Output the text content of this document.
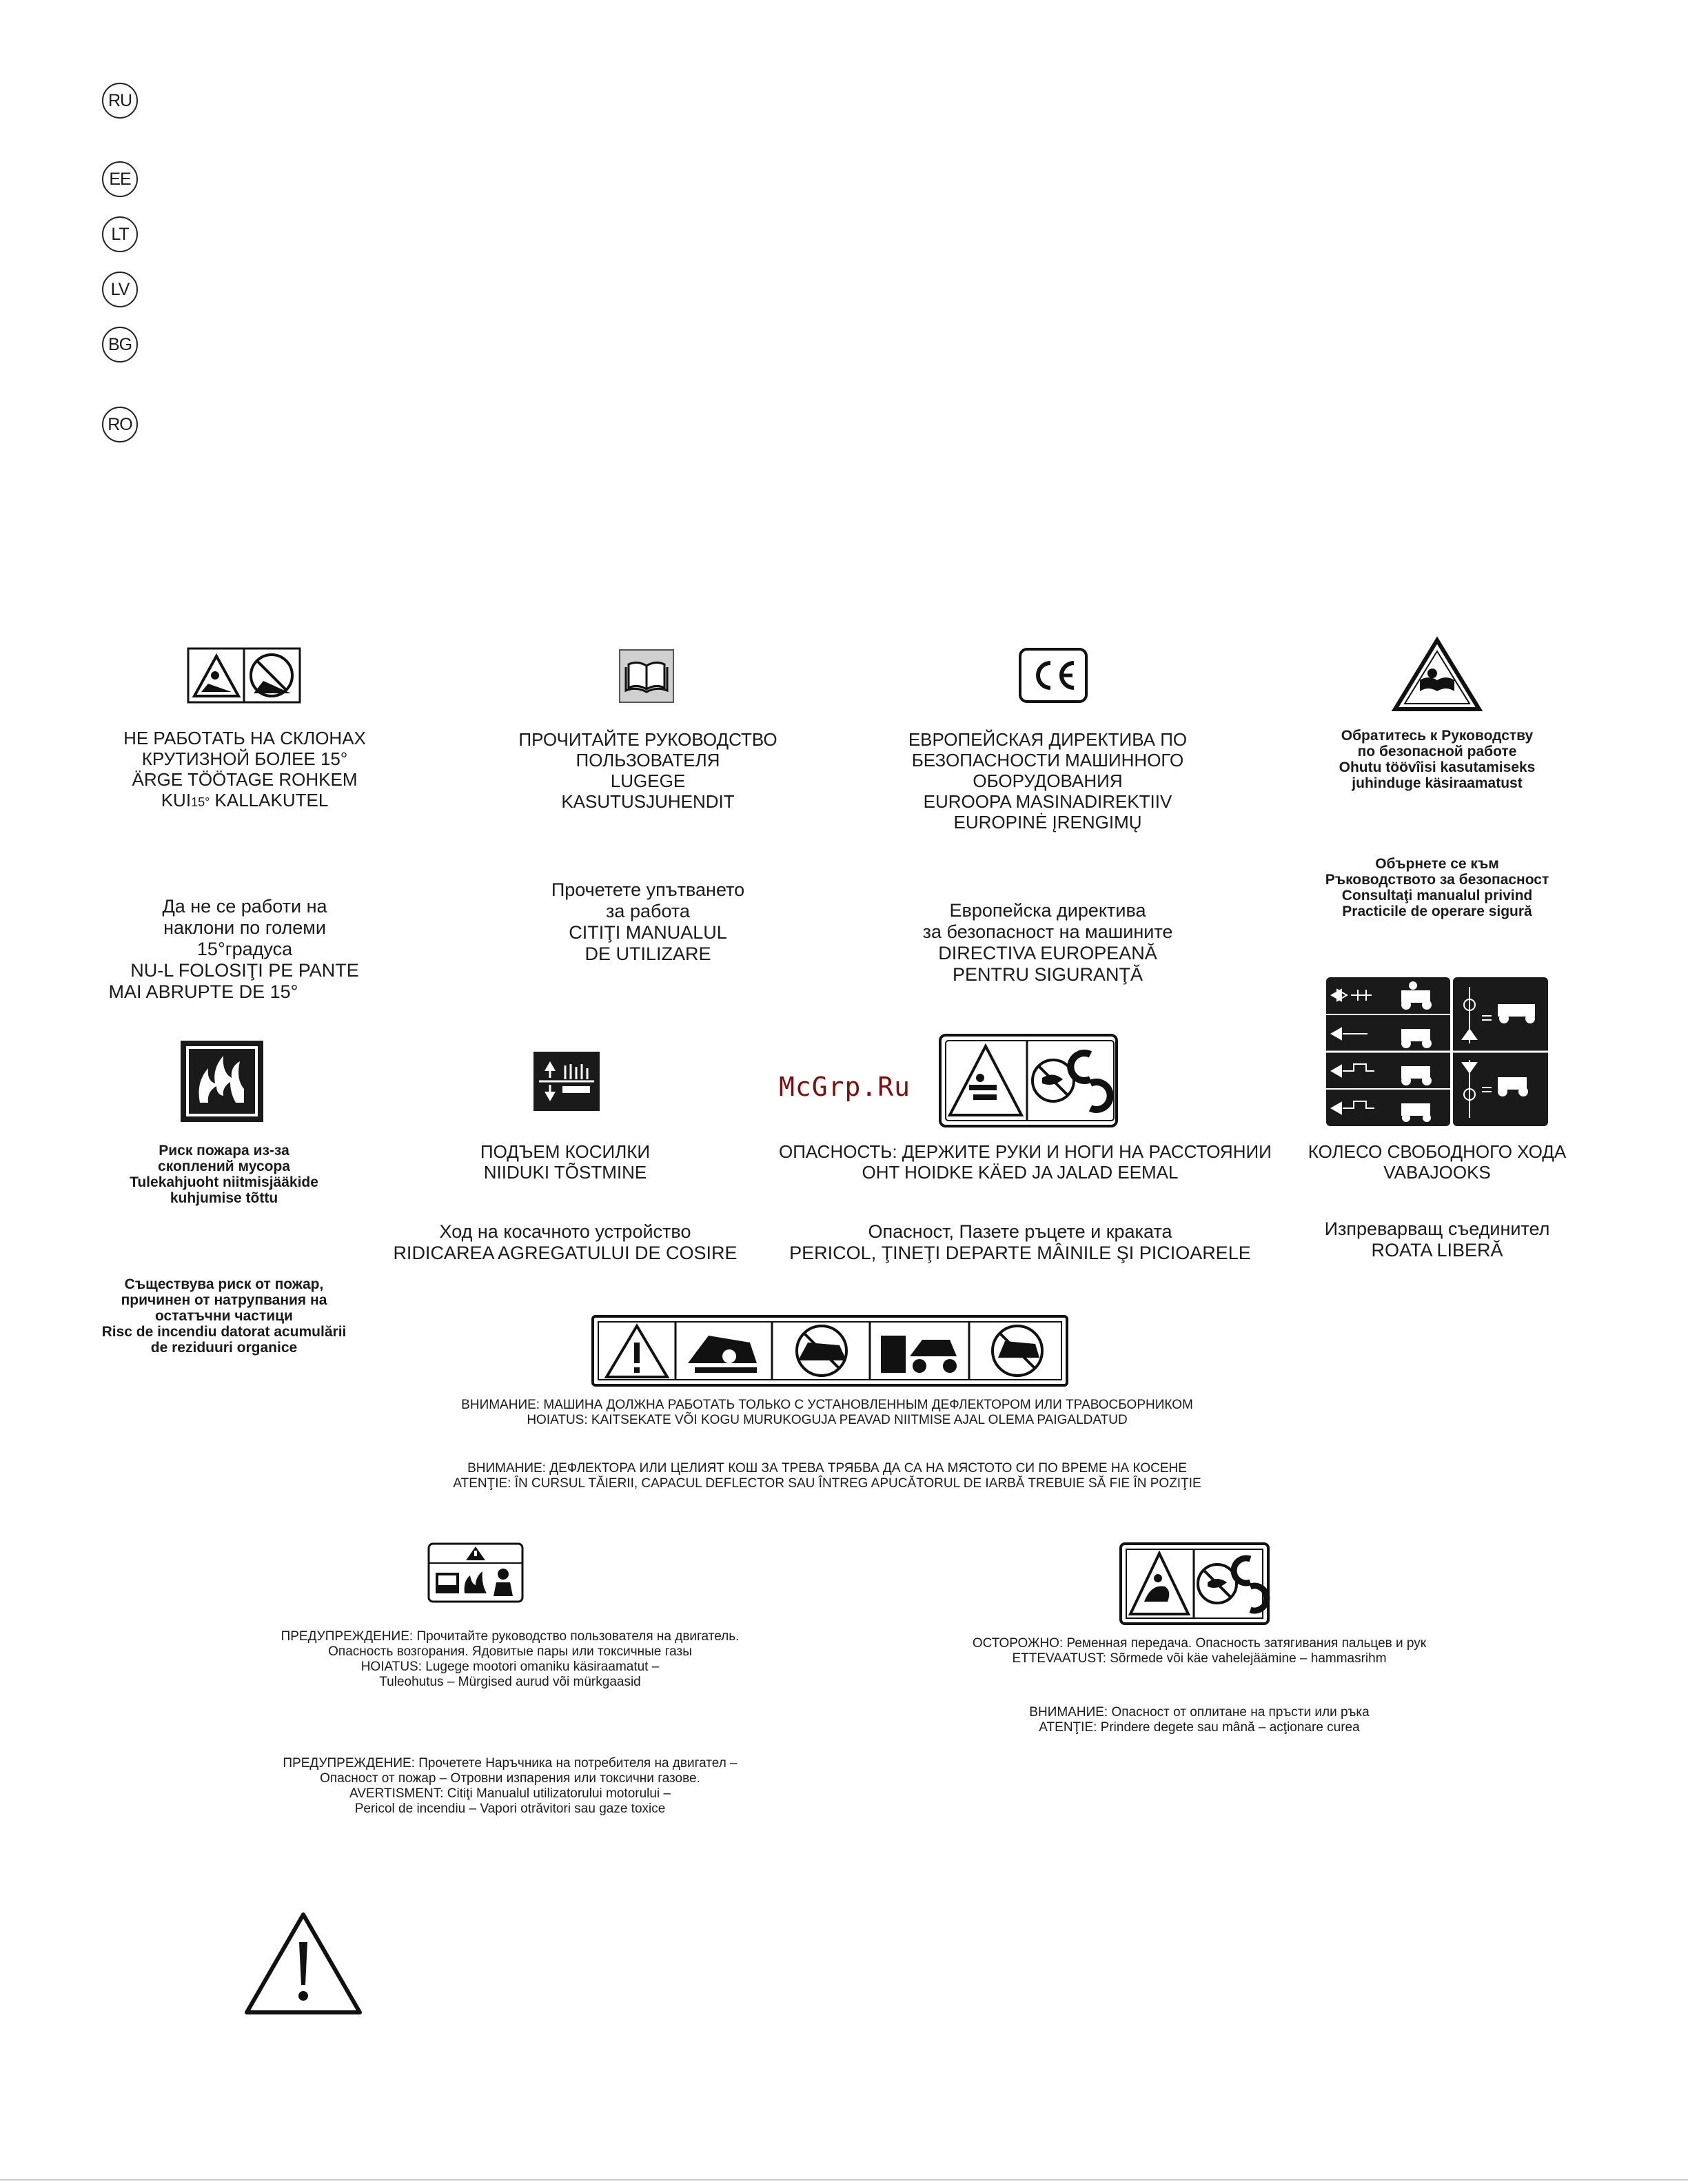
RU
EE
LT
LV
BG
RO
НЕ РАБОТАТЬ НА СКЛОНАХ
КРУТИЗНОЙ БОЛЕЕ 15°
ÄRGE TÖÖTAGE ROHKEM
KUI15° KALLAKUTEL
ПРОЧИТАЙТЕ РУКОВОДСТВО
ПОЛЬЗОВАТЕЛЯ
LUGEGE
KASUTUSJUHENDIT
ЕВРОПЕЙСКАЯ ДИРЕКТИВА ПО
БЕЗОПАСНОСТИ МАШИННОГО
ОБОРУДОВАНИЯ
EUROOPA MASINADIREKTIIV
EUROPINĖ ĮRENGIMŲ
Обратитесь к Руководству
по безопасной работе
Ohutu töövîisi kasutamiseks
juhinduge käsiraamatust
Да не се работи на
наклони по големи
15°градуса
NU-L FOLOSIŢI PE PANTE
MAI ABRUPTE DE 15°
Прочетете упътването
за работа
CITIŢI MANUALUL
DE UTILIZARE
Европейска директива
за безопасност на машините
DIRECTIVA EUROPEANĂ
PENTRU SIGURANŢĂ
Обърнете се към
Ръководството за безопасност
Consultaţi manualul privind
Practicile de operare sigură
Риск пожара из-за
скоплений мусора
Tulekahjuoht niitmisjääkide
kuhjumise tõttu
ПОДЪЕМ КОСИЛКИ
NIIDUKI TÕSTMINE
ОПАСНОСТЬ: ДЕРЖИТЕ РУКИ И НОГИ НА РАССТОЯНИИ
OHT HOIDKE KÄED JA JALAD EEMAL
КОЛЕСО СВОБОДНОГО ХОДА
VABAJOOKS
Съществува риск от пожар,
причинен от натрупвания на
остатъчни частици
Risc de incendiu datorat acumulării
de reziduuri organice
Ход на косачното устройство
RIDICAREA AGREGATULUI DE COSIRE
Опасност, Пазете ръцете и краката
PERICOL, ŢINEŢI DEPARTE MÂINILE ŞI PICIOARELE
Изпреварващ съединител
ROATA LIBERĂ
McGrp.Ru
ВНИМАНИЕ: МАШИНА ДОЛЖНА РАБОТАТЬ ТОЛЬКО С УСТАНОВЛЕННЫМ ДЕФЛЕКТОРОМ ИЛИ ТРАВОСБОРНИКОМ
HOIATUS: KAITSEKATE VÕI KOGU MURUKOGUJA PEAVAD NIITMISE AJAL OLEMA PAIGALDATUD
ВНИМАНИЕ: ДЕФЛЕКТОРА ИЛИ ЦЕЛИЯТ КОШ ЗА ТРЕВА ТРЯБВА ДА СА НА МЯСТОТО СИ ПО ВРЕМЕ НА КОСЕНЕ
ATENŢIE: ÎN CURSUL TĂIERII, CAPACUL DEFLECTOR SAU ÎNTREG APUCĂTORUL DE IARBĂ TREBUIE SĂ FIE ÎN POZIŢIE
ПРЕДУПРЕЖДЕНИЕ: Прочитайте руководство пользователя на двигатель.
Опасность возгорания. Ядовитые пары или токсичные газы
HOIATUS: Lugege mootori omaniku käsiraamatut –
Tuleohutus – Mürgised aurud või mürkgaasid
ПРЕДУПРЕЖДЕНИЕ: Прочетете Наръчника на потребителя на двигател –
Опасност от пожар – Отровни изпарения или токсични газове.
AVERTISMENT: Citiţi Manualul utilizatorului motorului –
Pericol de incendiu – Vapori otrăvitori sau gaze toxice
ОСТОРОЖНО: Ременная передача. Опасность затягивания пальцев и рук
ETTEVAATUST: Sõrmede või käe vahelejäämine – hammasrihm
ВНИМАНИЕ: Опасност от оплитане на пръсти или ръка
ATENŢIE: Prindere degete sau mână – acţionare curea
